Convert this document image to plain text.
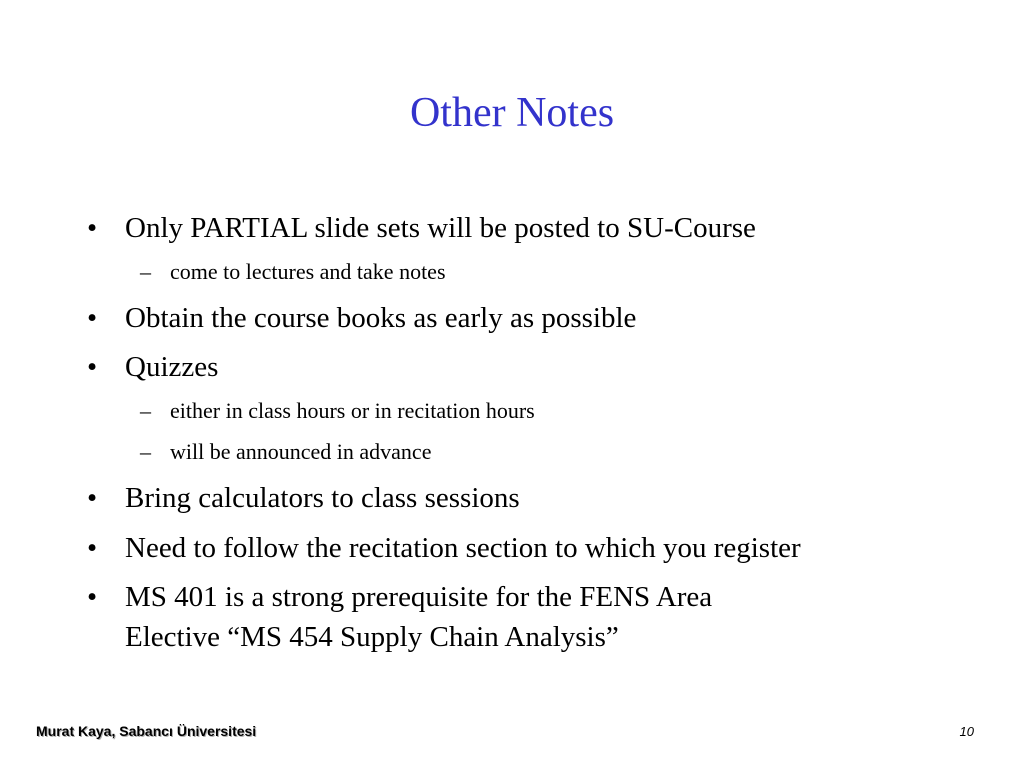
Other Notes
• Only PARTIAL slide sets will be posted to SU-Course
– come to lectures and take notes
• Obtain the course books as early as possible
• Quizzes
– either in class hours or in recitation hours
– will be announced in advance
• Bring calculators to class sessions
• Need to follow the recitation section to which you register
• MS 401 is a strong prerequisite for the FENS Area
Elective “MS 454 Supply Chain Analysis”
Murat Kaya, Sabancı Üniversitesi	10
